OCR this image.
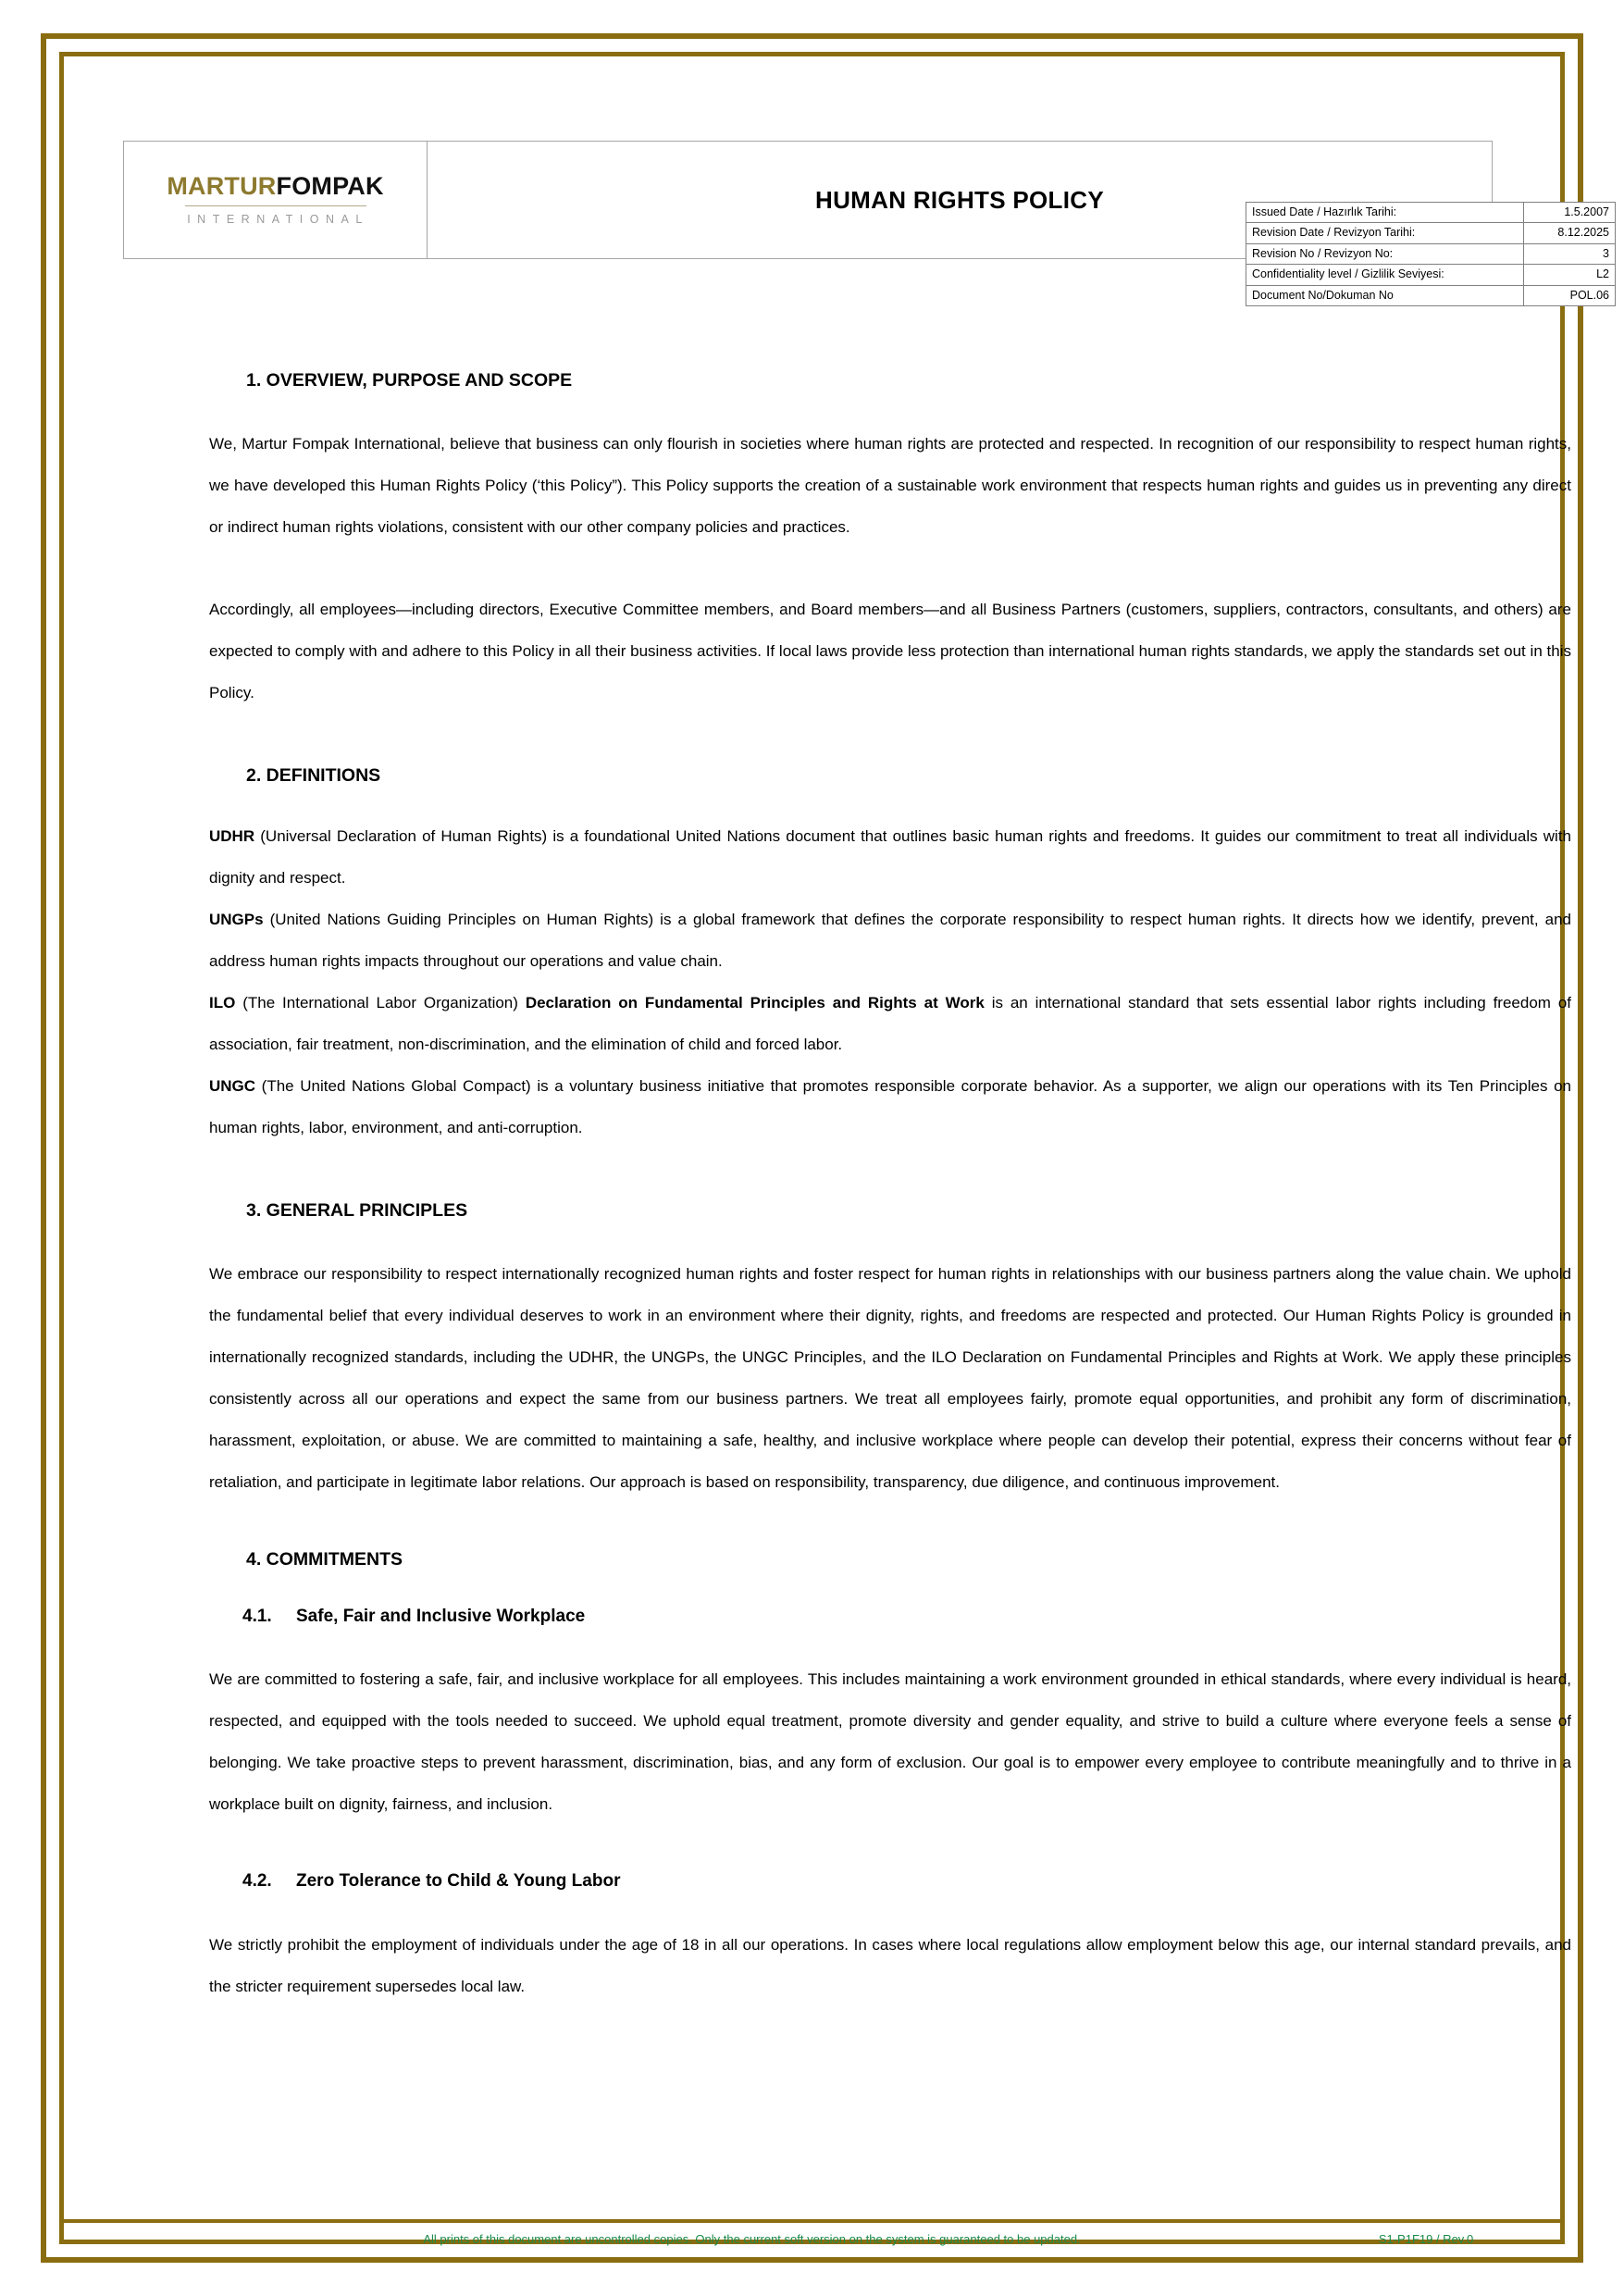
MARTURFOMPAK
INTERNATIONAL
HUMAN RIGHTS POLICY	Issued Date / Hazırlık Tarihi:	1.5.2007
Revision Date / Revizyon Tarihi:	8.12.2025
Revision No / Revizyon No:	3
Confidentiality level / Gizlilik Seviyesi:	L2
Document No/Dokuman No	POL.06
1. OVERVIEW, PURPOSE AND SCOPE

We, Martur Fompak International, believe that business can only flourish in societies where human rights are protected and respected. In recognition of our responsibility to respect human rights, we have developed this Human Rights Policy (‘this Policy”). This Policy supports the creation of a sustainable work environment that respects human rights and guides us in preventing any direct or indirect human rights violations, consistent with our other company policies and practices.

Accordingly, all employees—including directors, Executive Committee members, and Board members—and all Business Partners (customers, suppliers, contractors, consultants, and others) are expected to comply with and adhere to this Policy in all their business activities. If local laws provide less protection than international human rights standards, we apply the standards set out in this Policy.

2. DEFINITIONS

UDHR (Universal Declaration of Human Rights) is a foundational United Nations document that outlines basic human rights and freedoms. It guides our commitment to treat all individuals with dignity and respect.

UNGPs (United Nations Guiding Principles on Human Rights) is a global framework that defines the corporate responsibility to respect human rights. It directs how we identify, prevent, and address human rights impacts throughout our operations and value chain.

ILO (The International Labor Organization) Declaration on Fundamental Principles and Rights at Work is an international standard that sets essential labor rights including freedom of association, fair treatment, non-discrimination, and the elimination of child and forced labor.

UNGC (The United Nations Global Compact) is a voluntary business initiative that promotes responsible corporate behavior. As a supporter, we align our operations with its Ten Principles on human rights, labor, environment, and anti-corruption.

3. GENERAL PRINCIPLES

We embrace our responsibility to respect internationally recognized human rights and foster respect for human rights in relationships with our business partners along the value chain. We uphold the fundamental belief that every individual deserves to work in an environment where their dignity, rights, and freedoms are respected and protected. Our Human Rights Policy is grounded in internationally recognized standards, including the UDHR, the UNGPs, the UNGC Principles, and the ILO Declaration on Fundamental Principles and Rights at Work. We apply these principles consistently across all our operations and expect the same from our business partners. We treat all employees fairly, promote equal opportunities, and prohibit any form of discrimination, harassment, exploitation, or abuse. We are committed to maintaining a safe, healthy, and inclusive workplace where people can develop their potential, express their concerns without fear of retaliation, and participate in legitimate labor relations. Our approach is based on responsibility, transparency, due diligence, and continuous improvement.

4. COMMITMENTS
4.1. Safe, Fair and Inclusive Workplace

We are committed to fostering a safe, fair, and inclusive workplace for all employees. This includes maintaining a work environment grounded in ethical standards, where every individual is heard, respected, and equipped with the tools needed to succeed. We uphold equal treatment, promote diversity and gender equality, and strive to build a culture where everyone feels a sense of belonging. We take proactive steps to prevent harassment, discrimination, bias, and any form of exclusion. Our goal is to empower every employee to contribute meaningfully and to thrive in a workplace built on dignity, fairness, and inclusion.

4.2. Zero Tolerance to Child & Young Labor

We strictly prohibit the employment of individuals under the age of 18 in all our operations. In cases where local regulations allow employment below this age, our internal standard prevails, and the stricter requirement supersedes local law.

All prints of this document are uncontrolled copies. Only the current soft version on the system is guaranteed to be updated.	S1-P1F19 / Rev.0
